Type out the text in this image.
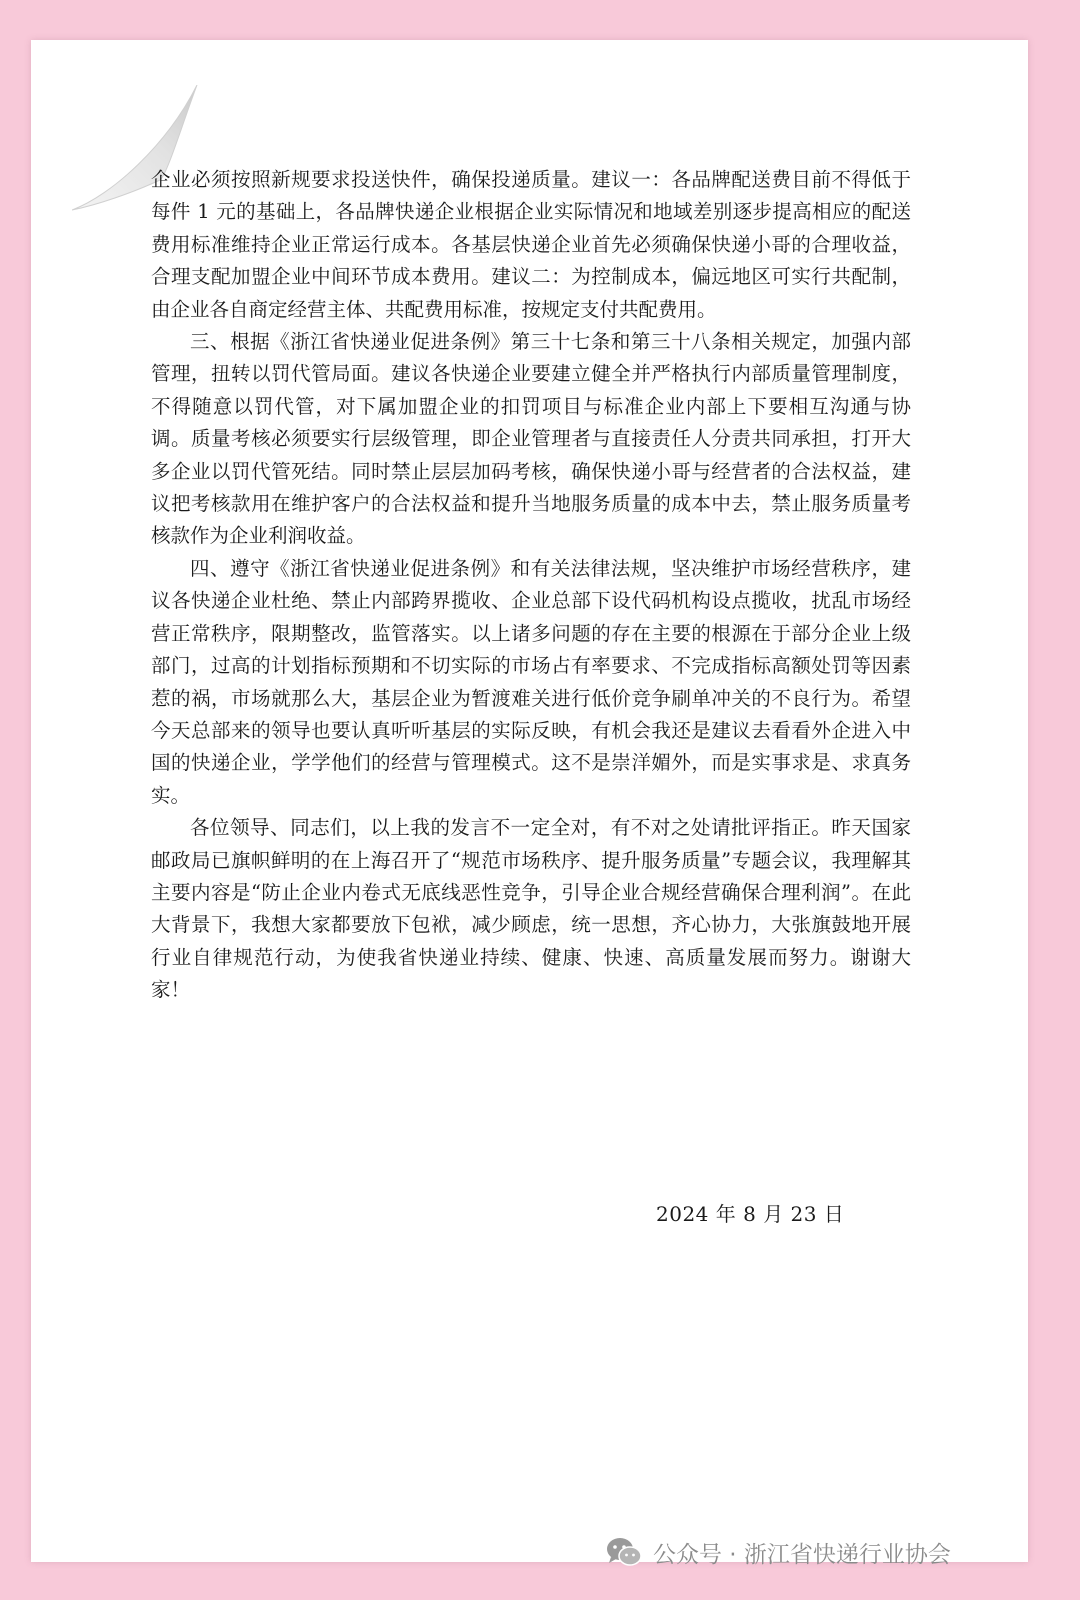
企业必须按照新规要求投送快件，确保投递质量。建议一：各品牌配送费目前不得低于每件 1 元的基础上，各品牌快递企业根据企业实际情况和地域差别逐步提高相应的配送费用标准维持企业正常运行成本。各基层快递企业首先必须确保快递小哥的合理收益，合理支配加盟企业中间环节成本费用。建议二：为控制成本，偏远地区可实行共配制，由企业各自商定经营主体、共配费用标准，按规定支付共配费用。

三、根据《浙江省快递业促进条例》第三十七条和第三十八条相关规定，加强内部管理，扭转以罚代管局面。建议各快递企业要建立健全并严格执行内部质量管理制度，不得随意以罚代管，对下属加盟企业的扣罚项目与标准企业内部上下要相互沟通与协调。质量考核必须要实行层级管理，即企业管理者与直接责任人分责共同承担，打开大多企业以罚代管死结。同时禁止层层加码考核，确保快递小哥与经营者的合法权益，建议把考核款用在维护客户的合法权益和提升当地服务质量的成本中去，禁止服务质量考核款作为企业利润收益。

四、遵守《浙江省快递业促进条例》和有关法律法规，坚决维护市场经营秩序，建议各快递企业杜绝、禁止内部跨界揽收、企业总部下设代码机构设点揽收，扰乱市场经营正常秩序，限期整改，监管落实。以上诸多问题的存在主要的根源在于部分企业上级部门，过高的计划指标预期和不切实际的市场占有率要求、不完成指标高额处罚等因素惹的祸，市场就那么大，基层企业为暂渡难关进行低价竞争刷单冲关的不良行为。希望今天总部来的领导也要认真听听基层的实际反映，有机会我还是建议去看看外企进入中国的快递企业，学学他们的经营与管理模式。这不是崇洋媚外，而是实事求是、求真务实。

各位领导、同志们，以上我的发言不一定全对，有不对之处请批评指正。昨天国家邮政局已旗帜鲜明的在上海召开了“规范市场秩序、提升服务质量”专题会议，我理解其主要内容是“防止企业内卷式无底线恶性竞争，引导企业合规经营确保合理利润”。在此大背景下，我想大家都要放下包袱，减少顾虑，统一思想，齐心协力，大张旗鼓地开展行业自律规范行动，为使我省快递业持续、健康、快速、高质量发展而努力。谢谢大家！

2024 年 8 月 23 日
公众号 · 浙江省快递行业协会
